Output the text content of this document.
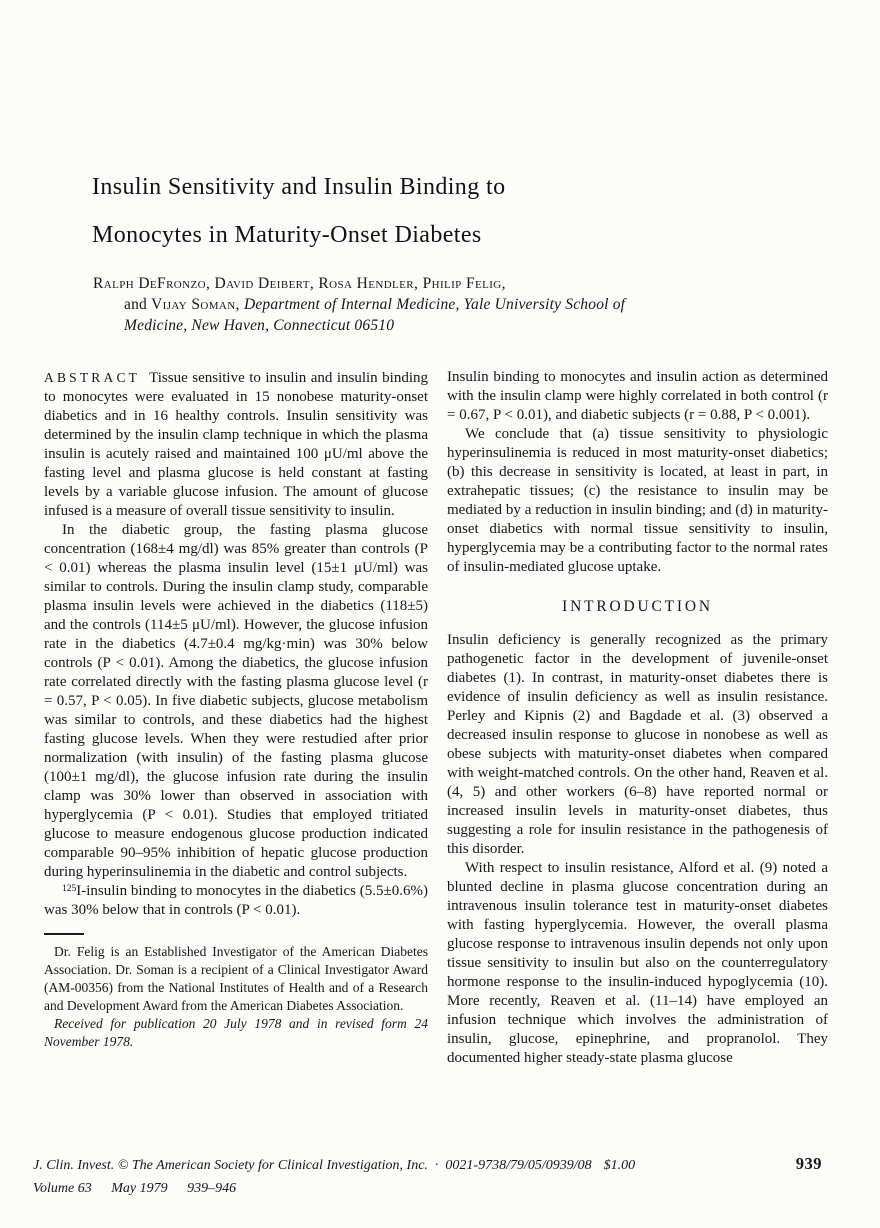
Insulin Sensitivity and Insulin Binding to
Monocytes in Maturity-Onset Diabetes
Ralph DeFronzo, David Deibert, Rosa Hendler, Philip Felig,
and Vijay Soman, Department of Internal Medicine, Yale University School of
Medicine, New Haven, Connecticut 06510

ABSTRACT Tissue sensitive to insulin and insulin binding to monocytes were evaluated in 15 nonobese maturity-onset diabetics and in 16 healthy controls. Insulin sensitivity was determined by the insulin clamp technique in which the plasma insulin is acutely raised and maintained 100 μU/ml above the fasting level and plasma glucose is held constant at fasting levels by a variable glucose infusion. The amount of glucose infused is a measure of overall tissue sensitivity to insulin.

In the diabetic group, the fasting plasma glucose concentration (168±4 mg/dl) was 85% greater than controls (P < 0.01) whereas the plasma insulin level (15±1 μU/ml) was similar to controls. During the insulin clamp study, comparable plasma insulin levels were achieved in the diabetics (118±5) and the controls (114±5 μU/ml). However, the glucose infusion rate in the diabetics (4.7±0.4 mg/kg·min) was 30% below controls (P < 0.01). Among the diabetics, the glucose infusion rate correlated directly with the fasting plasma glucose level (r = 0.57, P < 0.05). In five diabetic subjects, glucose metabolism was similar to controls, and these diabetics had the highest fasting glucose levels. When they were restudied after prior normalization (with insulin) of the fasting plasma glucose (100±1 mg/dl), the glucose infusion rate during the insulin clamp was 30% lower than observed in association with hyperglycemia (P < 0.01). Studies that employed tritiated glucose to measure endogenous glucose production indicated comparable 90–95% inhibition of hepatic glucose production during hyperinsulinemia in the diabetic and control subjects.

$^{125}$I-insulin binding to monocytes in the diabetics (5.5±0.6%) was 30% below that in controls (P < 0.01).

Dr. Felig is an Established Investigator of the American Diabetes Association. Dr. Soman is a recipient of a Clinical Investigator Award (AM-00356) from the National Institutes of Health and of a Research and Development Award from the American Diabetes Association.

Received for publication 20 July 1978 and in revised form 24 November 1978.

Insulin binding to monocytes and insulin action as determined with the insulin clamp were highly correlated in both control (r = 0.67, P < 0.01), and diabetic subjects (r = 0.88, P < 0.001).

We conclude that (a) tissue sensitivity to physiologic hyperinsulinemia is reduced in most maturity-onset diabetics; (b) this decrease in sensitivity is located, at least in part, in extrahepatic tissues; (c) the resistance to insulin may be mediated by a reduction in insulin binding; and (d) in maturity-onset diabetics with normal tissue sensitivity to insulin, hyperglycemia may be a contributing factor to the normal rates of insulin-mediated glucose uptake.

INTRODUCTION

Insulin deficiency is generally recognized as the primary pathogenetic factor in the development of juvenile-onset diabetes (1). In contrast, in maturity-onset diabetes there is evidence of insulin deficiency as well as insulin resistance. Perley and Kipnis (2) and Bagdade et al. (3) observed a decreased insulin response to glucose in nonobese as well as obese subjects with maturity-onset diabetes when compared with weight-matched controls. On the other hand, Reaven et al. (4, 5) and other workers (6–8) have reported normal or increased insulin levels in maturity-onset diabetes, thus suggesting a role for insulin resistance in the pathogenesis of this disorder.

With respect to insulin resistance, Alford et al. (9) noted a blunted decline in plasma glucose concentration during an intravenous insulin tolerance test in maturity-onset diabetes with fasting hyperglycemia. However, the overall plasma glucose response to intravenous insulin depends not only upon tissue sensitivity to insulin but also on the counterregulatory hormone response to the insulin-induced hypoglycemia (10). More recently, Reaven et al. (11–14) have employed an infusion technique which involves the administration of insulin, glucose, epinephrine, and propranolol. They documented higher steady-state plasma glucose

J. Clin. Invest. © The American Society for Clinical Investigation, Inc. · 0021-9738/79/05/0939/08 $1.00	939
Volume 63 May 1979 939–946
